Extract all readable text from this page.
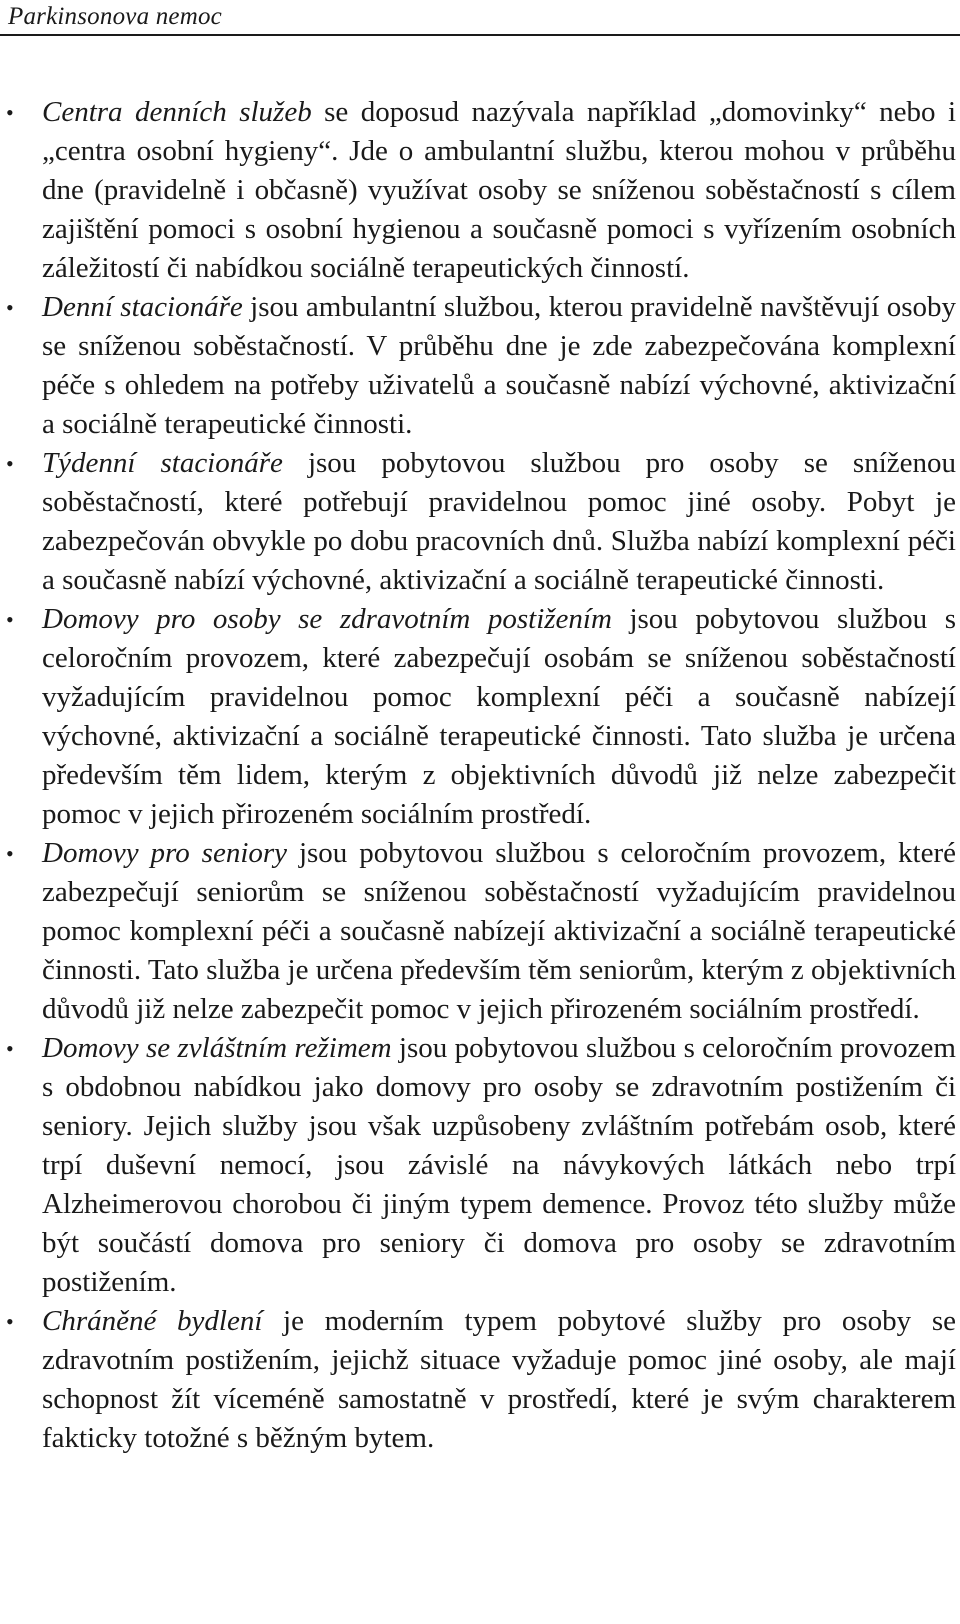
Parkinsonova nemoc
• Centra denních služeb se doposud nazývala například „domovinky“ nebo i „centra osobní hygieny“. Jde o ambulantní službu, kterou mohou v průběhu dne (pravidelně i občasně) využívat osoby se sníženou soběstačností s cílem zajištění pomoci s osobní hygienou a současně pomoci s vyřízením osobních záležitostí či nabídkou sociálně terapeutických činností.
• Denní stacionáře jsou ambulantní službou, kterou pravidelně navštěvují osoby se sníženou soběstačností. V průběhu dne je zde zabezpečována komplexní péče s ohledem na potřeby uživatelů a současně nabízí výchovné, aktivizační a sociálně terapeutické činnosti.
• Týdenní stacionáře jsou pobytovou službou pro osoby se sníženou soběstačností, které potřebují pravidelnou pomoc jiné osoby. Pobyt je zabezpečován obvykle po dobu pracovních dnů. Služba nabízí komplexní péči a současně nabízí výchovné, aktivizační a sociálně terapeutické činnosti.
• Domovy pro osoby se zdravotním postižením jsou pobytovou službou s celoročním provozem, které zabezpečují osobám se sníženou soběstačností vyžadujícím pravidelnou pomoc komplexní péči a současně nabízejí výchovné, aktivizační a sociálně terapeutické činnosti. Tato služba je určena především těm lidem, kterým z objektivních důvodů již nelze zabezpečit pomoc v jejich přirozeném sociálním prostředí.
• Domovy pro seniory jsou pobytovou službou s celoročním provozem, které zabezpečují seniorům se sníženou soběstačností vyžadujícím pravidelnou pomoc komplexní péči a současně nabízejí aktivizační a sociálně terapeutické činnosti. Tato služba je určena především těm seniorům, kterým z objektivních důvodů již nelze zabezpečit pomoc v jejich přirozeném sociálním prostředí.
• Domovy se zvláštním režimem jsou pobytovou službou s celoročním provozem s obdobnou nabídkou jako domovy pro osoby se zdravotním postižením či seniory. Jejich služby jsou však uzpůsobeny zvláštním potřebám osob, které trpí duševní nemocí, jsou závislé na návykových látkách nebo trpí Alzheimerovou chorobou či jiným typem demence. Provoz této služby může být součástí domova pro seniory či domova pro osoby se zdravotním postižením.
• Chráněné bydlení je moderním typem pobytové služby pro osoby se zdravotním postižením, jejichž situace vyžaduje pomoc jiné osoby, ale mají schopnost žít víceméně samostatně v prostředí, které je svým charakterem fakticky totožné s běžným bytem.
